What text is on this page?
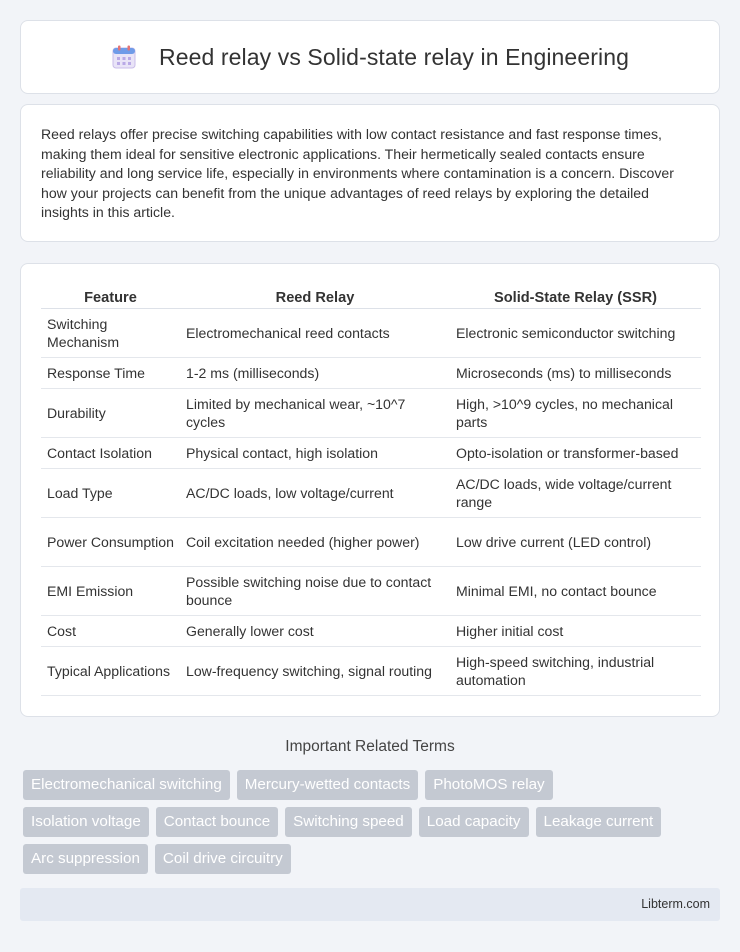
Reed relay vs Solid-state relay in Engineering

Reed relays offer precise switching capabilities with low contact resistance and fast response times, making them ideal for sensitive electronic applications. Their hermetically sealed contacts ensure reliability and long service life, especially in environments where contamination is a concern. Discover how your projects can benefit from the unique advantages of reed relays by exploring the detailed insights in this article.

Feature	Reed Relay	Solid-State Relay (SSR)
Switching Mechanism	Electromechanical reed contacts	Electronic semiconductor switching
Response Time	1-2 ms (milliseconds)	Microseconds (ms) to milliseconds
Durability	Limited by mechanical wear, ~10^7 cycles	High, >10^9 cycles, no mechanical parts
Contact Isolation	Physical contact, high isolation	Opto-isolation or transformer-based
Load Type	AC/DC loads, low voltage/current	AC/DC loads, wide voltage/current range
Power Consumption	Coil excitation needed (higher power)	Low drive current (LED control)
EMI Emission	Possible switching noise due to contact bounce	Minimal EMI, no contact bounce
Cost	Generally lower cost	Higher initial cost
Typical Applications	Low-frequency switching, signal routing	High-speed switching, industrial automation
Important Related Terms
Electromechanical switching	Mercury-wetted contacts	PhotoMOS relay
Isolation voltage	Contact bounce	Switching speed	Load capacity	Leakage current
Arc suppression	Coil drive circuitry
Libterm.com
